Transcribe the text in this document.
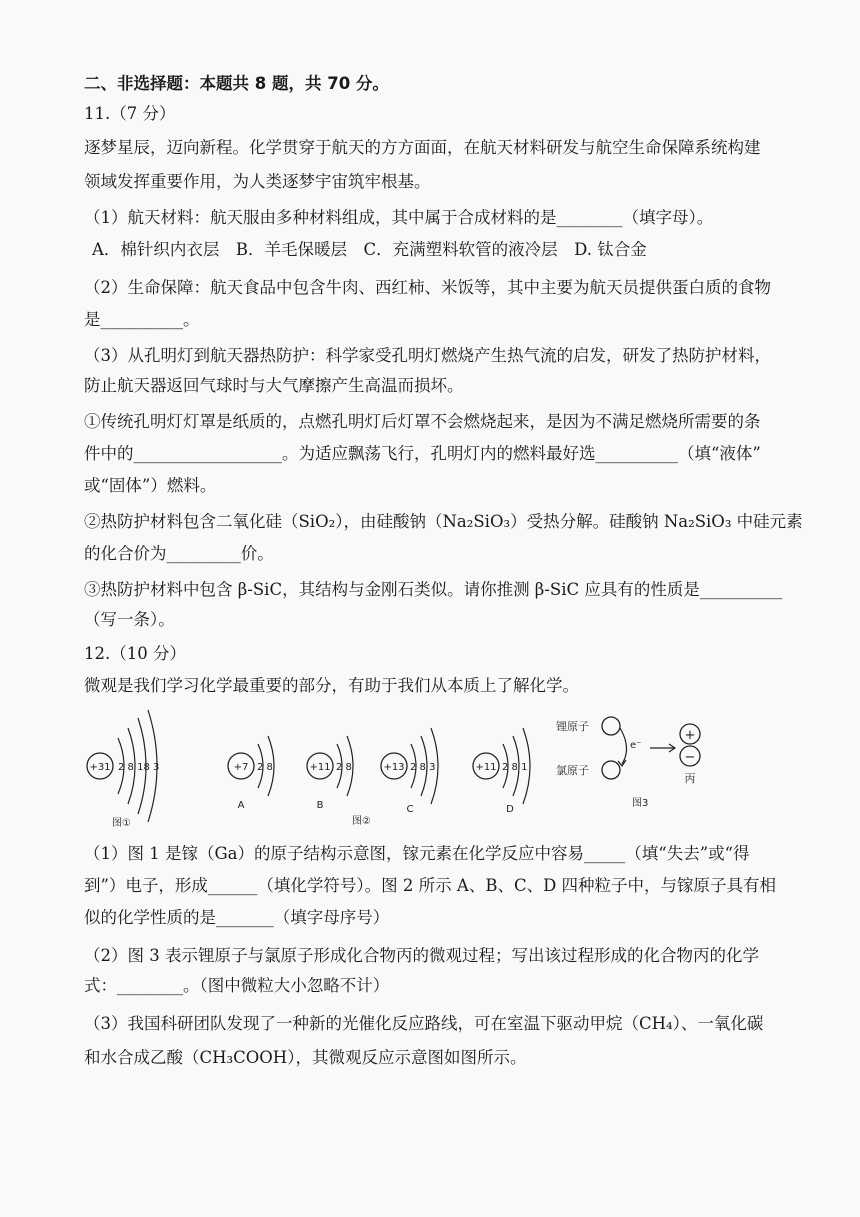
二、非选择题：本题共 8 题，共 70 分。
11.（7 分）
逐梦星辰，迈向新程。化学贯穿于航天的方方面面，在航天材料研发与航空生命保障系统构建
领域发挥重要作用，为人类逐梦宇宙筑牢根基。
（1）航天材料：航天服由多种材料组成，其中属于合成材料的是________（填字母）。
A．棉针织内衣层　B．羊毛保暖层　C．充满塑料软管的液冷层　D. 钛合金
（2）生命保障：航天食品中包含牛肉、西红柿、米饭等，其中主要为航天员提供蛋白质的食物
是__________。
（3）从孔明灯到航天器热防护：科学家受孔明灯燃烧产生热气流的启发，研发了热防护材料，
防止航天器返回气球时与大气摩擦产生高温而损坏。
①传统孔明灯灯罩是纸质的，点燃孔明灯后灯罩不会燃烧起来，是因为不满足燃烧所需要的条
件中的__________________。为适应飘荡飞行，孔明灯内的燃料最好选__________（填“液体”
或“固体”）燃料。
②热防护材料包含二氧化硅（SiO₂），由硅酸钠（Na₂SiO₃）受热分解。硅酸钠 Na₂SiO₃ 中硅元素
的化合价为_________价。
③热防护材料中包含 β-SiC，其结构与金刚石类似。请你推测 β-SiC 应具有的性质是__________
（写一条）。
12.（10 分）
微观是我们学习化学最重要的部分，有助于我们从本质上了解化学。
（1）图 1 是镓（Ga）的原子结构示意图，镓元素在化学反应中容易_____（填“失去”或“得
到”）电子，形成______（填化学符号）。图 2 所示 A、B、C、D 四种粒子中，与镓原子具有相
似的化学性质的是_______（填字母序号）
（2）图 3 表示锂原子与氯原子形成化合物丙的微观过程；写出该过程形成的化合物丙的化学
式：________。（图中微粒大小忽略不计）
（3）我国科研团队发现了一种新的光催化反应路线，可在室温下驱动甲烷（CH₄）、一氧化碳
和水合成乙酸（CH₃COOH），其微观反应示意图如图所示。
+31 2 8 18 3
图①
+7 2 8
A
+11 2 8
B
图②
+13 2 8 3
C
+11 2 8 1
D
锂原子
氯原子
e⁻
+
−
丙
图3
